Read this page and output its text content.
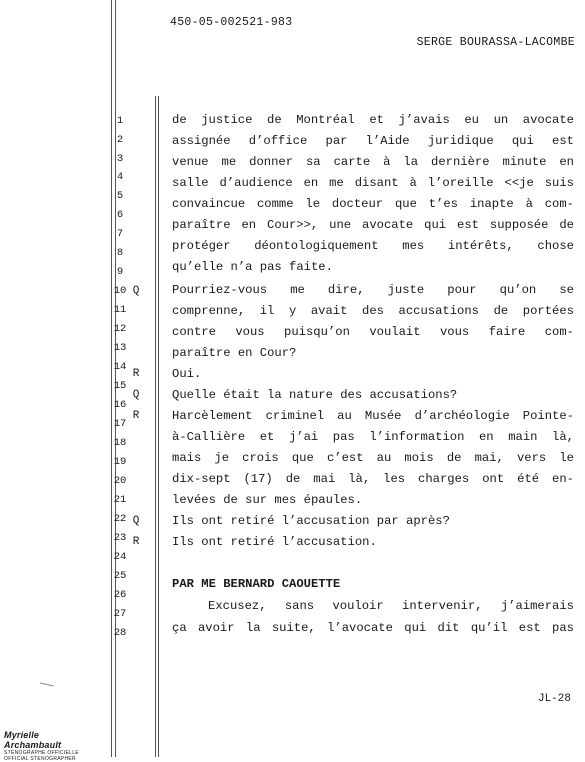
450-05-002521-983
SERGE BOURASSA-LACOMBE
1
2
3
4
5
6
7
8
9
10
11
12
13
14
15
16
17
18
19
20
21
22
23
24
25
26
27
28
Q
R
Q
R
Q
R
de justice de Montréal et j’avais eu un avocate
assignée d’office par l’Aide juridique qui est
venue me donner sa carte à la dernière minute en
salle d’audience en me disant à l’oreille <<je suis
convaincue comme le docteur que t’es inapte à com-
paraître en Cour>>, une avocate qui est supposée de
protéger déontologiquement mes intérêts, chose
qu’elle n’a pas faite.
Pourriez-vous me dire, juste pour qu’on se
comprenne, il y avait des accusations de portées
contre vous puisqu’on voulait vous faire com-
paraître en Cour?
Oui.
Quelle était la nature des accusations?
Harcèlement criminel au Musée d’archéologie Pointe-
à-Callière et j’ai pas l’information en main là,
mais je crois que c’est au mois de mai, vers le
dix-sept (17) de mai là, les charges ont été en-
levées de sur mes épaules.
Ils ont retiré l’accusation par après?
Ils ont retiré l’accusation.
PAR ME BERNARD CAOUETTE
Excusez, sans vouloir intervenir, j’aimerais
ça avoir la suite, l’avocate qui dit qu’il est pas
JL-28
Myrielle Archambault
STÉNOGRAPHE OFFICIELLE
OFFICIAL STENOGRAPHER
